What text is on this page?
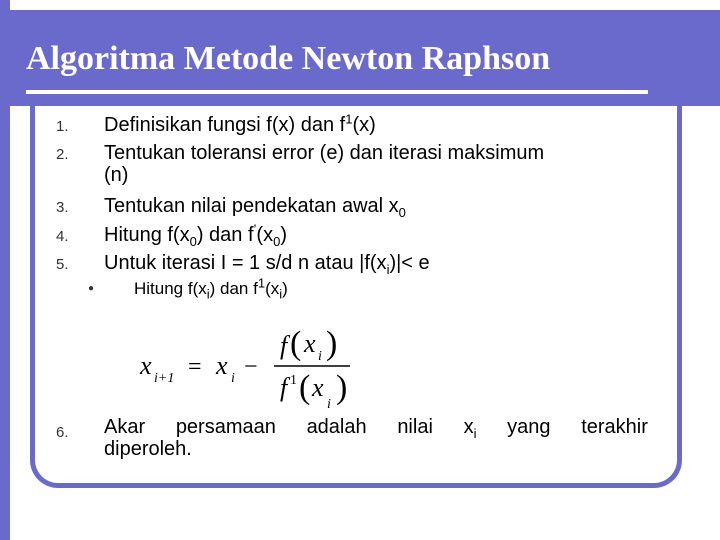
Algoritma Metode Newton Raphson
1. Definisikan fungsi f(x) dan $f^1(x)$
2. Tentukan toleransi error (e) dan iterasi maksimum
(n)
3. Tentukan nilai pendekatan awal $x_0$
4. Hitung $f(x_0)$ dan $f^’(x_0)$
5. Untuk iterasi I = 1 s/d n atau $|f(x_i)|< e$
● Hitung $f(x_i)$ dan $f^1(x_i)$
x i+1 = x i −
f ( x i )
f 1 ( x
i )
6. Akar persamaan adalah nilai $x_i$ yang terakhir
diperoleh.
